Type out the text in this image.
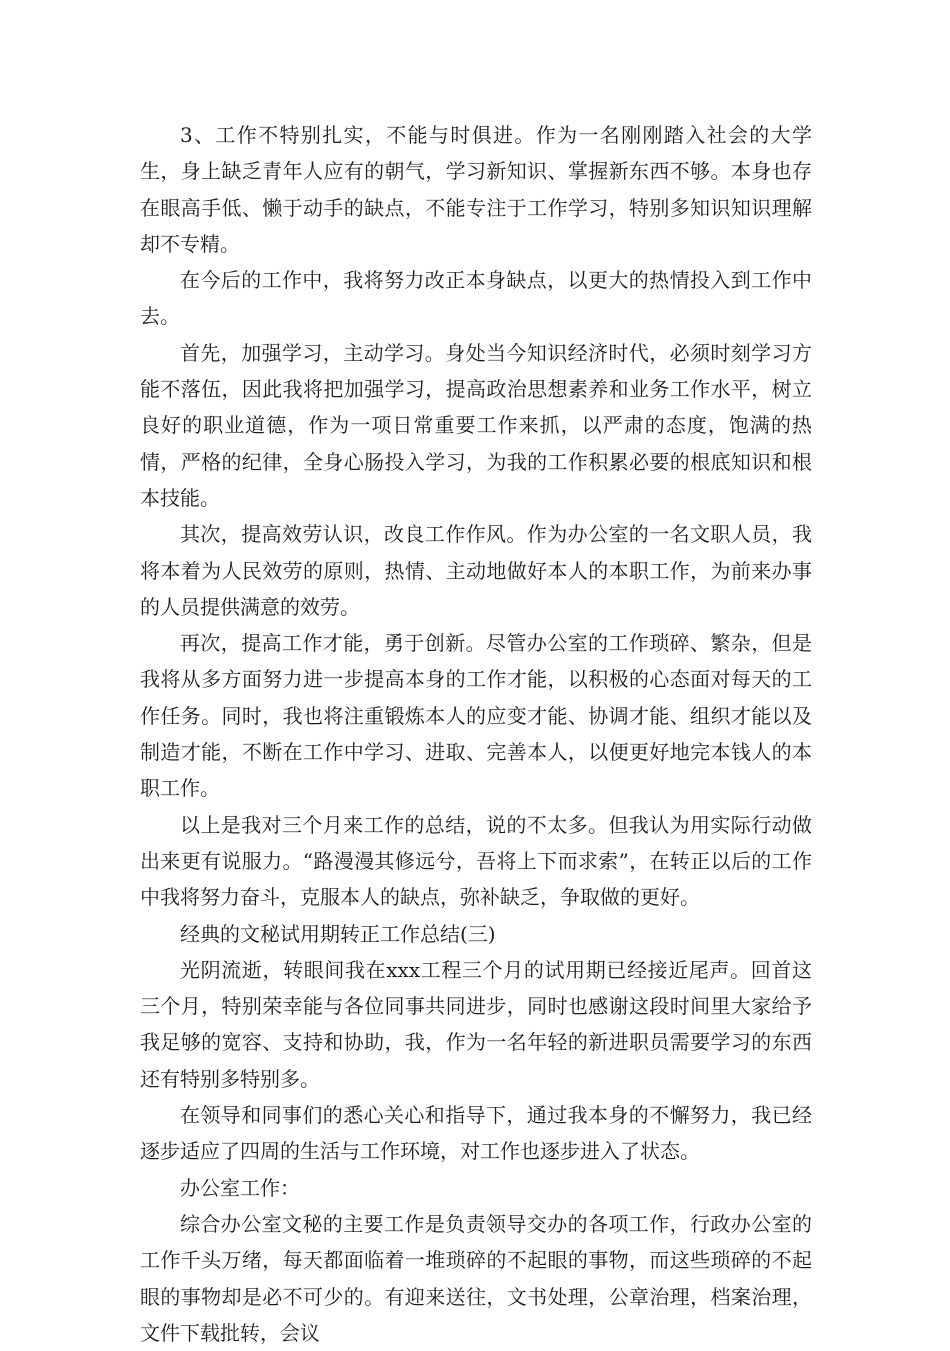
3、工作不特别扎实，不能与时俱进。作为一名刚刚踏入社会的大学生，身上缺乏青年人应有的朝气，学习新知识、掌握新东西不够。本身也存在眼高手低、懒于动手的缺点，不能专注于工作学习，特别多知识知识理解却不专精。

在今后的工作中，我将努力改正本身缺点，以更大的热情投入到工作中去。

首先，加强学习，主动学习。身处当今知识经济时代，必须时刻学习方能不落伍，因此我将把加强学习，提高政治思想素养和业务工作水平，树立良好的职业道德，作为一项日常重要工作来抓，以严肃的态度，饱满的热情，严格的纪律，全身心肠投入学习，为我的工作积累必要的根底知识和根本技能。

其次，提高效劳认识，改良工作作风。作为办公室的一名文职人员，我将本着为人民效劳的原则，热情、主动地做好本人的本职工作，为前来办事的人员提供满意的效劳。

再次，提高工作才能，勇于创新。尽管办公室的工作琐碎、繁杂，但是我将从多方面努力进一步提高本身的工作才能，以积极的心态面对每天的工作任务。同时，我也将注重锻炼本人的应变才能、协调才能、组织才能以及制造才能，不断在工作中学习、进取、完善本人，以便更好地完本钱人的本职工作。

以上是我对三个月来工作的总结，说的不太多。但我认为用实际行动做出来更有说服力。“路漫漫其修远兮，吾将上下而求索”，在转正以后的工作中我将努力奋斗，克服本人的缺点，弥补缺乏，争取做的更好。

经典的文秘试用期转正工作总结(三)

光阴流逝，转眼间我在xxx工程三个月的试用期已经接近尾声。回首这三个月，特别荣幸能与各位同事共同进步，同时也感谢这段时间里大家给予我足够的宽容、支持和协助，我，作为一名年轻的新进职员需要学习的东西还有特别多特别多。

在领导和同事们的悉心关心和指导下，通过我本身的不懈努力，我已经逐步适应了四周的生活与工作环境，对工作也逐步进入了状态。

办公室工作：

综合办公室文秘的主要工作是负责领导交办的各项工作，行政办公室的工作千头万绪，每天都面临着一堆琐碎的不起眼的事物，而这些琐碎的不起眼的事物却是必不可少的。有迎来送往，文书处理，公章治理，档案治理，文件下载批转，会议
